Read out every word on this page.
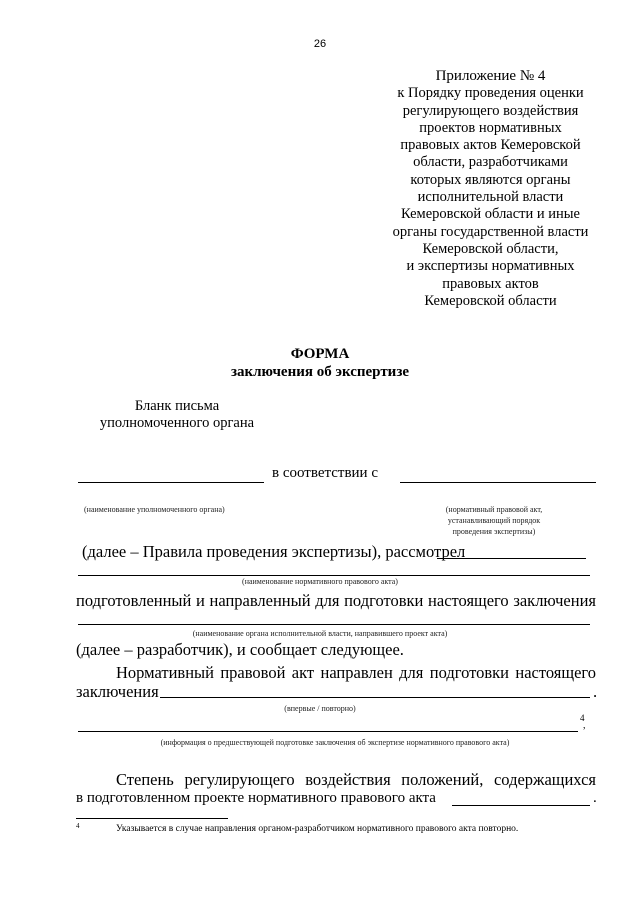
26
Приложение № 4
к Порядку проведения оценки
регулирующего воздействия
проектов нормативных
правовых актов Кемеровской
области, разработчиками
которых являются органы
исполнительной власти
Кемеровской области и иные
органы государственной власти
Кемеровской области,
и экспертизы нормативных
правовых актов
Кемеровской области
ФОРМА
заключения об экспертизе
Бланк письма
уполномоченного органа
в соответствии с
(наименование уполномоченного органа)	(нормативный правовой акт,
устанавливающий порядок
проведения экспертизы)
(далее – Правила проведения экспертизы), рассмотрел
(наименование нормативного правового акта)
подготовленный и направленный для подготовки настоящего заключения
(наименование органа исполнительной власти, направившего проект акта)
(далее – разработчик), и сообщает следующее.
Нормативный правовой акт направлен для подготовки настоящего
заключения	.
(впервые / повторно)
4
,
(информация о предшествующей подготовке заключения об экспертизе нормативного правового акта)
Степень регулирующего воздействия положений, содержащихся
в подготовленном проекте нормативного правового акта	.
4	Указывается в случае направления органом-разработчиком нормативного правового акта повторно.
